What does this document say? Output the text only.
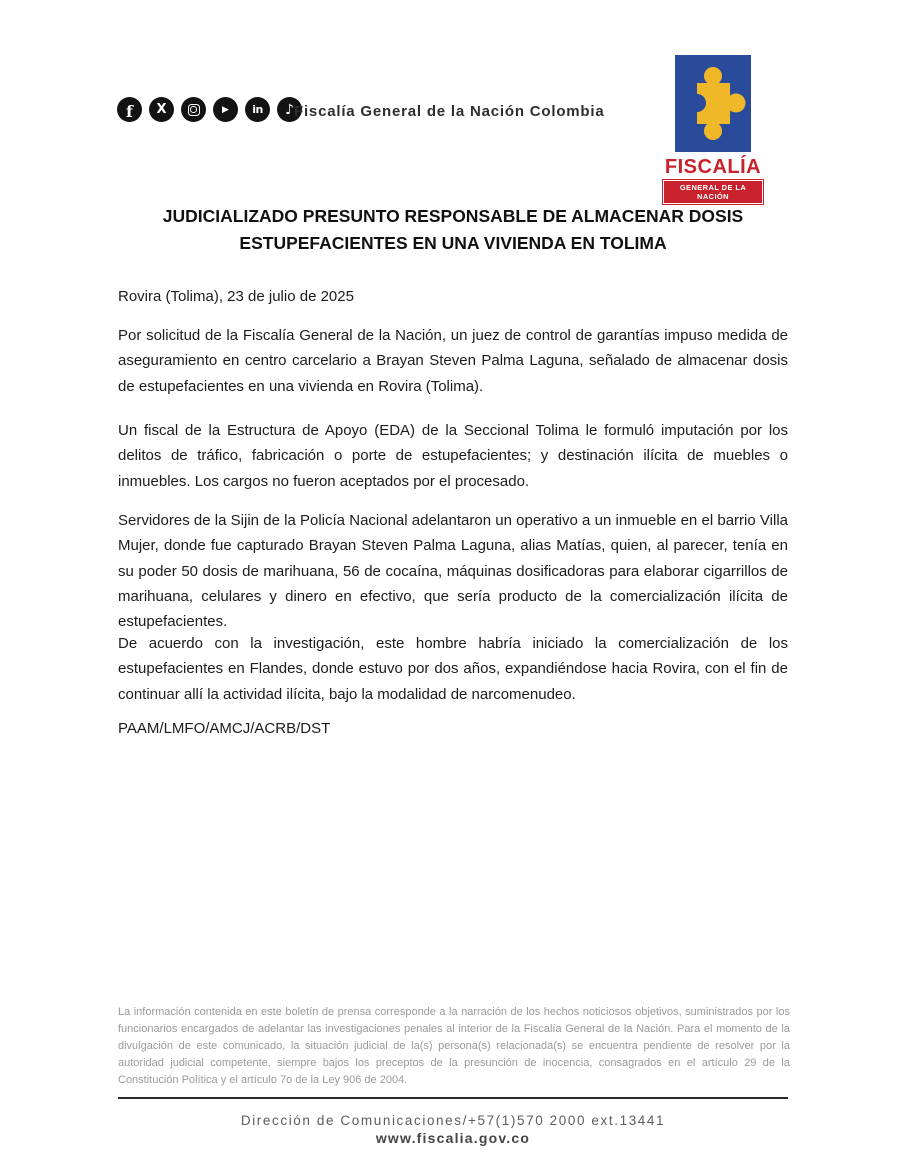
f X	▶ in ♪ Fiscalía General de la Nación Colombia
FISCALÍA
GENERAL DE LA NACIÓN
JUDICIALIZADO PRESUNTO RESPONSABLE DE ALMACENAR DOSIS
ESTUPEFACIENTES EN UNA VIVIENDA EN TOLIMA
Rovira (Tolima), 23 de julio de 2025

Por solicitud de la Fiscalía General de la Nación, un juez de control de garantías impuso medida de aseguramiento en centro carcelario a Brayan Steven Palma Laguna, señalado de almacenar dosis de estupefacientes en una vivienda en Rovira (Tolima).

Un fiscal de la Estructura de Apoyo (EDA) de la Seccional Tolima le formuló imputación por los delitos de tráfico, fabricación o porte de estupefacientes; y destinación ilícita de muebles o inmuebles. Los cargos no fueron aceptados por el procesado.

Servidores de la Sijin de la Policía Nacional adelantaron un operativo a un inmueble en el barrio Villa Mujer, donde fue capturado Brayan Steven Palma Laguna, alias Matías, quien, al parecer, tenía en su poder 50 dosis de marihuana, 56 de cocaína, máquinas dosificadoras para elaborar cigarrillos de marihuana, celulares y dinero en efectivo, que sería producto de la comercialización ilícita de estupefacientes.

De acuerdo con la investigación, este hombre habría iniciado la comercialización de los estupefacientes en Flandes, donde estuvo por dos años, expandiéndose hacia Rovira, con el fin de continuar allí la actividad ilícita, bajo la modalidad de narcomenudeo.

PAAM/LMFO/AMCJ/ACRB/DST
La información contenida en este boletín de prensa corresponde a la narración de los hechos noticiosos objetivos, suministrados por los funcionarios encargados de adelantar las investigaciones penales al interior de la Fiscalía General de la Nación. Para el momento de la divulgación de este comunicado, la situación judicial de la(s) persona(s) relacionada(s) se encuentra pendiente de resolver por la autoridad judicial competente, siempre bajos los preceptos de la presunción de inocencia, consagrados en el artículo 29 de la Constitución Política y el artículo 7o de la Ley 906 de 2004.
Dirección de Comunicaciones/+57(1)570 2000 ext.13441
www.fiscalia.gov.co
